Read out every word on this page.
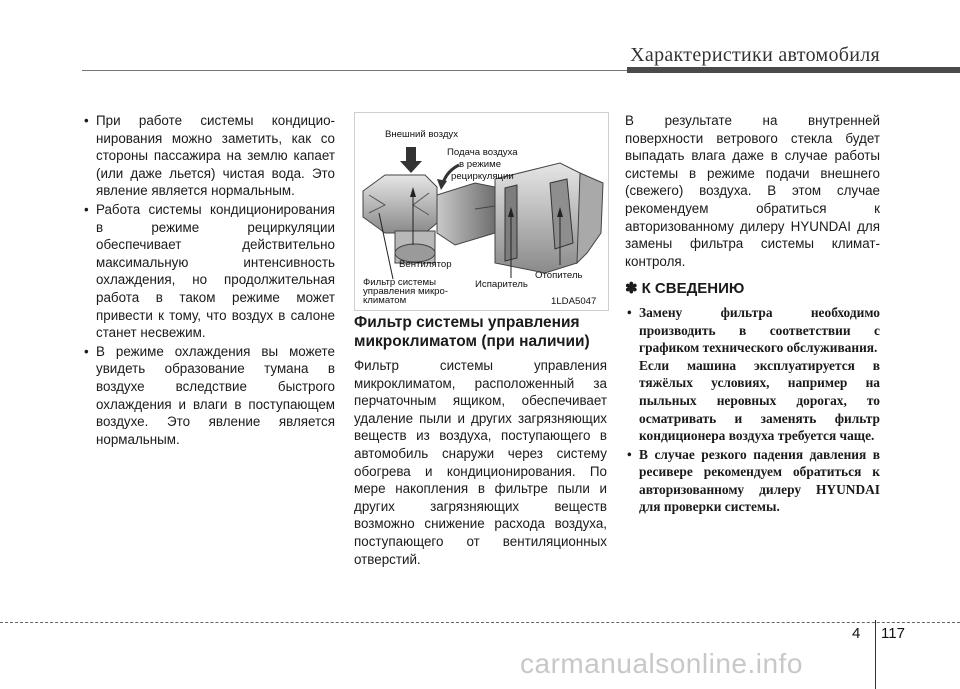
Характеристики автомобиля
• При работе системы кондиционирования можно заметить, как со стороны пассажира на землю капает (или даже льется) чистая вода. Это явление является нормальным.
• Работа системы кондиционирования в режиме рециркуляции обеспечивает действительно максимальную интенсивность охлаждения, но продолжительная работа в таком режиме может привести к тому, что воздух в салоне станет несвежим.
• В режиме охлаждения вы можете увидеть образование тумана в воздухе вследствие быстрого охлаждения и влаги в поступающем воздухе. Это явление является нормальным.
Внешний воздух
Подача воздуха
в режиме
рециркуляции
Вентилятор
Отопитель
Испаритель
Фильтр системы
управления микро-
климатом	1LDA5047
Фильтр системы управления микроклиматом (при наличии)
Фильтр системы управления микроклиматом, расположенный за перчаточным ящиком, обеспечивает удаление пыли и других загрязняющих веществ из воздуха, поступающего в автомобиль снаружи через систему обогрева и кондиционирования. По мере накопления в фильтре пыли и других загрязняющих веществ возможно снижение расхода воздуха, поступающего от вентиляционных отверстий.
В результате на внутренней поверхности ветрового стекла будет выпадать влага даже в случае работы системы в режиме подачи внешнего (свежего) воздуха. В этом случае рекомендуем обратиться к авторизованному дилеру HYUNDAI для замены фильтра системы климат-контроля.
✽ К СВЕДЕНИЮ
• Замену фильтра необходимо производить в соответствии с графиком технического обслуживания.
Если машина эксплуатируется в тяжёлых условиях, например на пыльных неровных дорогах, то осматривать и заменять фильтр кондиционера воздуха требуется чаще.
• В случае резкого падения давления в ресивере рекомендуем обратиться к авторизованному дилеру HYUNDAI для проверки системы.
4 117
carmanualsonline.info
